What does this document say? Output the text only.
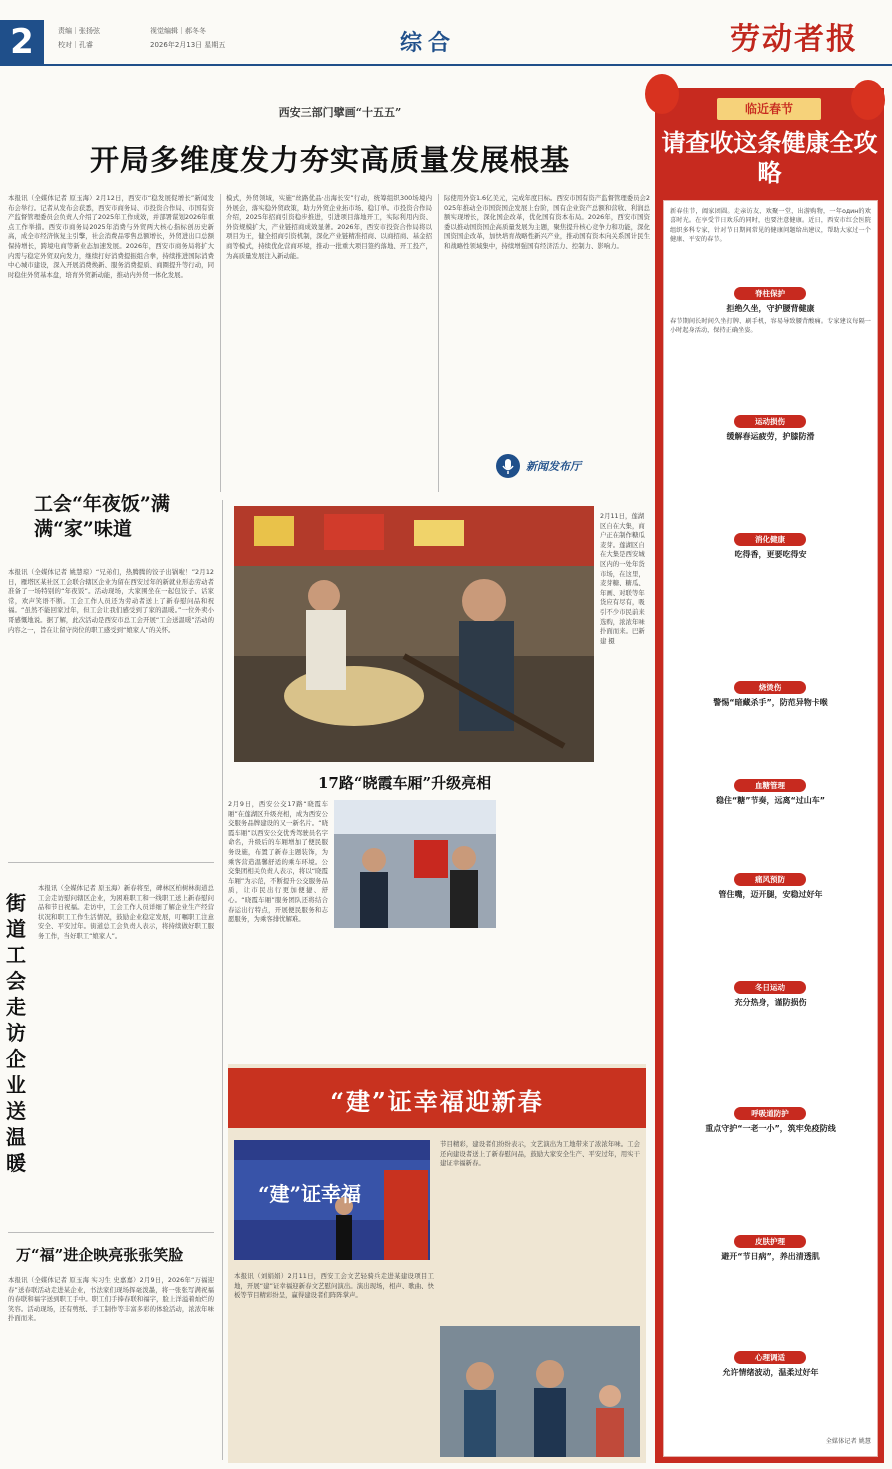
2	责编｜张扬弦
校对｜孔睿
视觉编辑｜郝冬冬
2026年2月13日 星期五	综合	劳动者报
西安三部门擘画“十五五”
开局多维度发力夯实高质量发展根基
本报讯（全媒体记者 原玉海）2月12日，西安市“稳发展促增长”新闻发布会举行。记者从发布会获悉，西安市商务局、市投资合作局、市国有资产监督管理委员会负责人介绍了2025年工作成效，并部署谋划2026年重点工作举措。西安市商务局2025年消费与外贸两大核心指标创历史新高，成全市经济恢复主引擎，社会消费品零售总额增长，外贸进出口总额保持增长，跨境电商等新业态加速发展。2026年，西安市商务局将扩大内需与稳定外贸双向发力，继续打好消费提振组合拳，持续推进国际消费中心城市建设，深入开展消费焕新、服务消费提质、商圈提升等行动，同时稳住外贸基本盘，培育外贸新动能，推动内外贸一体化发展。
模式，外贸领域，实施“丝路优品·出海长安”行动，统筹组织300场境内外展会，落实稳外贸政策，助力外贸企业拓市场、稳订单。市投资合作局介绍，2025年招商引资稳步推进，引进项目落地开工，实际利用内资、外资规模扩大，产业链招商成效显著。2026年，西安市投资合作局将以项目为王，健全招商引资机制，深化产业链精准招商、以商招商、基金招商等模式，持续优化营商环境，推动一批重大项目签约落地、开工投产，为高质量发展注入新动能。
际使用外资1.6亿美元，完成年度目标。西安市国有资产监督管理委员会2025年推动全市国资国企发展上台阶，国有企业资产总额和营收、利润总额实现增长，深化国企改革，优化国有资本布局。2026年，西安市国资委以推动国资国企高质量发展为主题，聚焦提升核心竞争力和功能，深化国资国企改革，加快培育战略性新兴产业，推动国有资本向关系国计民生和战略性领域集中，持续增强国有经济活力、控制力、影响力。
新闻发布厅
工会“年夜饭”满满“家”味道
本报讯（全媒体记者 姚慧琼）“兄弟们，热腾腾的饺子出锅啦！”2月12日，雁塔区某社区工会联合辖区企业为留在西安过年的新就业形态劳动者准备了一场特别的“年夜饭”。活动现场，大家围坐在一起包饺子、话家常，欢声笑语不断。工会工作人员还为劳动者送上了新春慰问品和祝福。“虽然不能回家过年，但工会让我们感受到了家的温暖。”一位外卖小哥感慨地说。据了解，此次活动是西安市总工会开展“工会送温暖”活动的内容之一，旨在让留守岗位的职工感受到“娘家人”的关怀。
2月11日，莲湖区自在大集，商户正在制作糖瓜麦芽。莲湖区自在大集是西安城区内的一处年货市场，在这里，麦芽糖、糖瓜、年画、对联等年货应有尽有，吸引不少市民前来选购，浓浓年味扑面而来。巴新建 摄
17路“晓霞车厢”升级亮相
2月9日，西安公交17路“晓霞车厢”在莲湖区升级亮相，成为西安公交服务品牌建设的又一新名片。“晓霞车厢”以西安公交优秀驾驶员名字命名，升级后的车厢增加了便民服务设施，布置了新春主题装饰，为乘客营造温馨舒适的乘车环境。公交集团相关负责人表示，将以“晓霞车厢”为示范，不断提升公交服务品质，让市民出行更加便捷、舒心。“晓霞车厢”服务团队还将结合春运出行特点，开展便民服务和志愿服务，为乘客排忧解难。
街道工会走访企业送温暖
本报讯（全媒体记者 原玉海）新春将至，碑林区柏树林街道总工会走访慰问辖区企业，为困难职工和一线职工送上新春慰问品和节日祝福。走访中，工会工作人员详细了解企业生产经营状况和职工工作生活情况，鼓励企业稳定发展，叮嘱职工注意安全、平安过年。街道总工会负责人表示，将持续做好职工服务工作，当好职工“娘家人”。
万“福”进企映亮张张笑脸
本报讯（全媒体记者 原玉海 实习生 史嘉嘉）2月9日，2026年“万福迎春”送春联活动走进某企业，书法家们现场挥毫泼墨，将一张张写满祝福的春联和福字送到职工手中。职工们手捧春联和福字，脸上洋溢着灿烂的笑容。活动现场，还有剪纸、手工制作等丰富多彩的体验活动，浓浓年味扑面而来。
“建”证幸福迎新春
“建”证幸福
节目精彩，建设者们纷纷表示，文艺演出为工地带来了浓浓年味。工会还向建设者送上了新春慰问品，鼓励大家安全生产、平安过年，用实干建证幸福新春。
本报讯（刘娟娟）2月11日，西安工会文艺轻骑兵走进某建设项目工地，开展“建”证幸福迎新春文艺慰问演出。演出现场，相声、歌曲、快板等节目精彩纷呈，赢得建设者们阵阵掌声。
临近春节
请查收这条健康全攻略
新春佳节，阖家团圆。走亲访友、欢聚一堂，出游购物，一年один的欢喜时光。在享受节日欢乐的同时，也要注意健康。近日，西安市红会医院组织多科专家，针对节日期间常见的健康问题给出建议，帮助大家过一个健康、平安的春节。
脊柱保护
拒绝久坐，守护腰背健康
春节期间长时间久坐打牌、刷手机，容易导致腰背酸痛。专家建议每隔一小时起身活动，保持正确坐姿。
运动损伤
缓解春运疲劳，护膝防滑
消化健康
吃得香，更要吃得安
烧烫伤
警惕“暗藏杀手”，防范异物卡喉
血糖管理
稳住“糖”节奏，远离“过山车”
痛风预防
管住嘴，迈开腿，安稳过好年
冬日运动
充分热身，谨防损伤
呼吸道防护
重点守护“一老一小”，筑牢免疫防线
皮肤护理
避开“节日病”，养出清透肌
心理调适
允许情绪波动，温柔过好年
全媒体记者 姚慧
